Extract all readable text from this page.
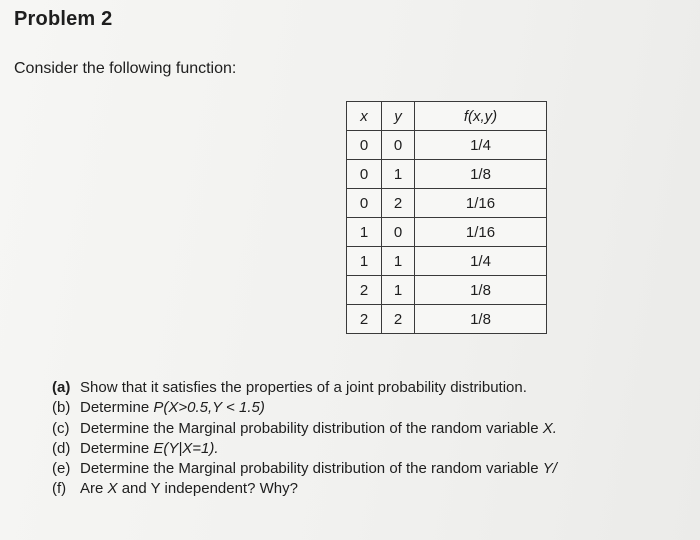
Problem 2
Consider the following function:
x	y	f(x,y)
0	0	1/4
0	1	1/8
0	2	1/16
1	0	1/16
1	1	1/4
2	1	1/8
2	2	1/8
(a) Show that it satisfies the properties of a joint probability distribution.
(b) Determine P(X>0.5,Y < 1.5)
(c) Determine the Marginal probability distribution of the random variable X.
(d) Determine E(Y|X=1).
(e) Determine the Marginal probability distribution of the random variable Y/
(f) Are X and Y independent? Why?
